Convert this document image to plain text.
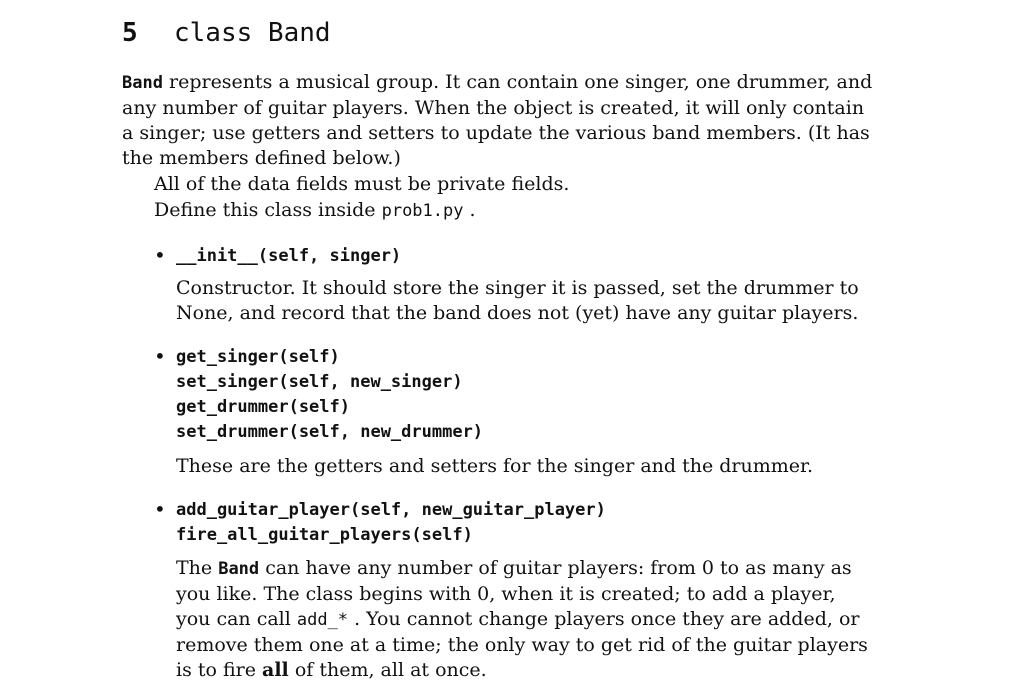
5 class Band
Band represents a musical group. It can contain one singer, one drummer, and
any number of guitar players. When the object is created, it will only contain
a singer; use getters and setters to update the various band members. (It has
the members defined below.)
All of the data fields must be private fields.
Define this class inside prob1.py .
• __init__(self, singer)
Constructor. It should store the singer it is passed, set the drummer to
None, and record that the band does not (yet) have any guitar players.
• get_singer(self)
set_singer(self, new_singer)
get_drummer(self)
set_drummer(self, new_drummer)
These are the getters and setters for the singer and the drummer.
• add_guitar_player(self, new_guitar_player)
fire_all_guitar_players(self)
The Band can have any number of guitar players: from 0 to as many as
you like. The class begins with 0, when it is created; to add a player,
you can call add_* . You cannot change players once they are added, or
remove them one at a time; the only way to get rid of the guitar players
is to fire all of them, all at once.
